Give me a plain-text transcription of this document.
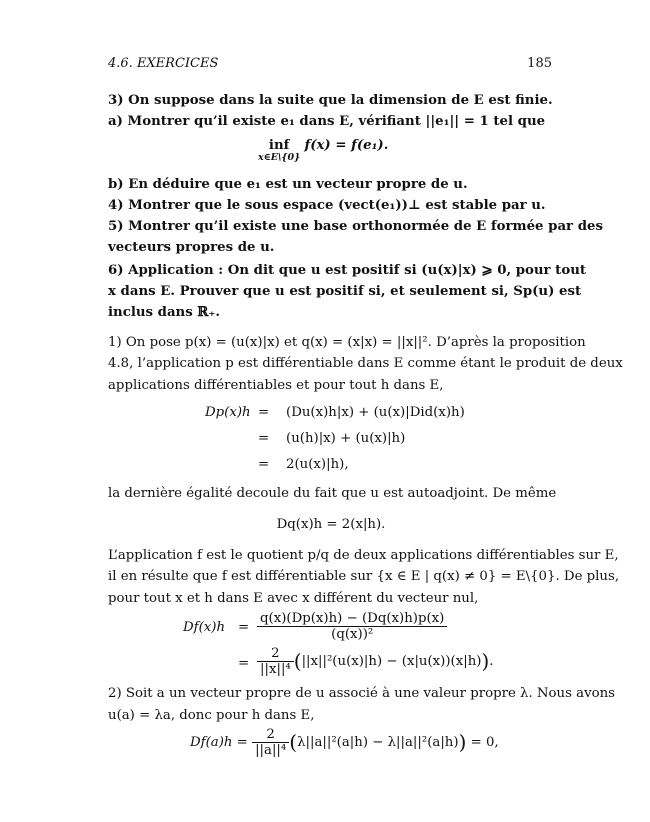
4.6. EXERCICES	185
3) On suppose dans la suite que la dimension de E est finie.
a) Montrer qu’il existe e₁ dans E, vérifiant ||e₁|| = 1 tel que
inf
x∈E\{0}
f(x) = f(e₁).
b) En déduire que e₁ est un vecteur propre de u.
4) Montrer que le sous espace (vect(e₁))⊥ est stable par u.
5) Montrer qu’il existe une base orthonormée de E formée par des
vecteurs propres de u.
6) Application : On dit que u est positif si (u(x)|x) ⩾ 0, pour tout
x dans E. Prouver que u est positif si, et seulement si, Sp(u) est
inclus dans ℝ₊.
1) On pose p(x) = (u(x)|x) et q(x) = (x|x) = ||x||². D’après la proposition
4.8, l’application p est différentiable dans E comme étant le produit de deux
applications différentiables et pour tout h dans E,
Dp(x)h = (Du(x)h|x) + (u(x)|Did(x)h)
= (u(h)|x) + (u(x)|h)
= 2(u(x)|h),
la dernière égalité decoule du fait que u est autoadjoint. De même
Dq(x)h = 2(x|h).
L’application f est le quotient p/q de deux applications différentiables sur E,
il en résulte que f est différentiable sur {x ∈ E | q(x) ≠ 0} = E\{0}. De plus,
pour tout x et h dans E avec x différent du vecteur nul,
$Df(x)h = \frac{q(x)(Dp(x)h) - (Dq(x)h)p(x)}{\text{(q(x))²}}$
= $\frac{2}{\text{||x||⁴}} (||x||^2(u(x)|h) - (x|u(x))(x|h))$.
2) Soit a un vecteur propre de u associé à une valeur propre λ. Nous avons
u(a) = λa, donc pour h dans E,
$Df(a)h = \frac{2}{\text{||a||⁴}} (\lambda||a||^2(a|h) - \lambda||a||^2(a|h)) = 0$,
